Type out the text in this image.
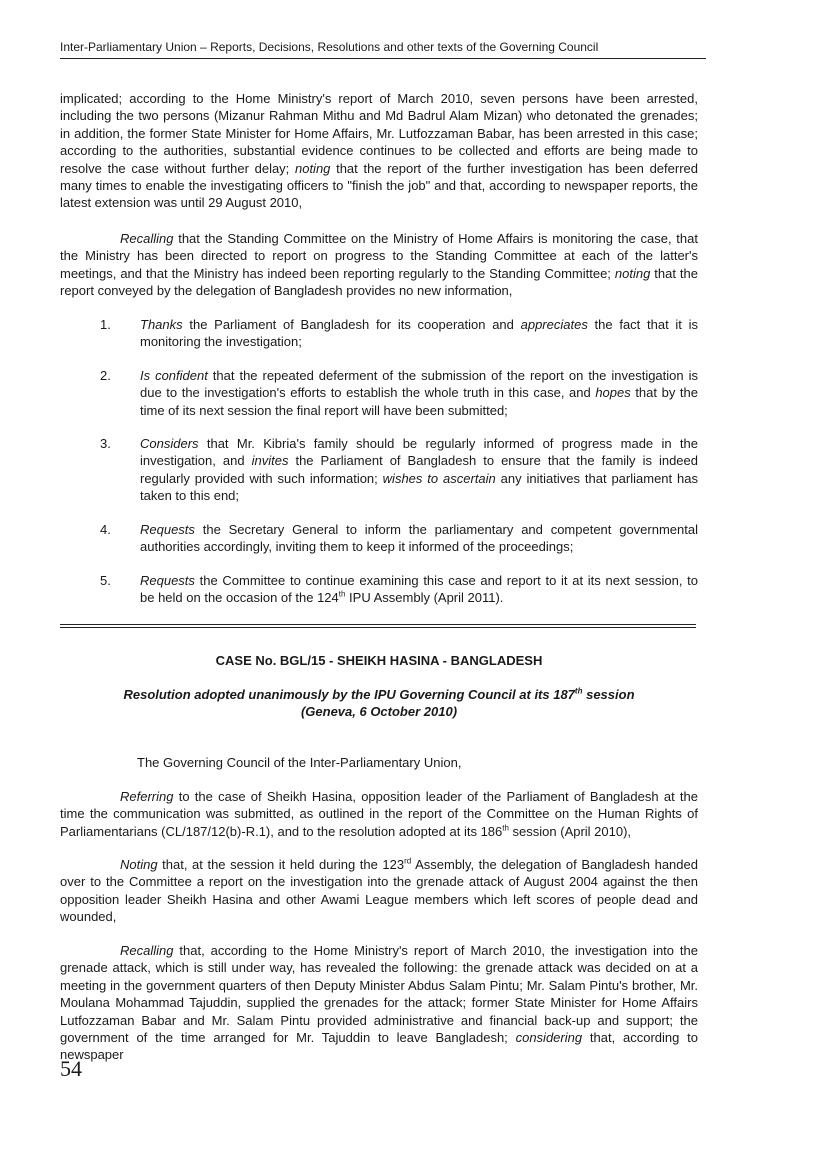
Inter-Parliamentary Union – Reports, Decisions, Resolutions and other texts of the Governing Council
implicated; according to the Home Ministry's report of March 2010, seven persons have been arrested, including the two persons (Mizanur Rahman Mithu and Md Badrul Alam Mizan) who detonated the grenades; in addition, the former State Minister for Home Affairs, Mr. Lutfozzaman Babar, has been arrested in this case; according to the authorities, substantial evidence continues to be collected and efforts are being made to resolve the case without further delay; noting that the report of the further investigation has been deferred many times to enable the investigating officers to "finish the job" and that, according to newspaper reports, the latest extension was until 29 August 2010,
Recalling that the Standing Committee on the Ministry of Home Affairs is monitoring the case, that the Ministry has been directed to report on progress to the Standing Committee at each of the latter's meetings, and that the Ministry has indeed been reporting regularly to the Standing Committee; noting that the report conveyed by the delegation of Bangladesh provides no new information,
1.	Thanks the Parliament of Bangladesh for its cooperation and appreciates the fact that it is monitoring the investigation;
2.	Is confident that the repeated deferment of the submission of the report on the investigation is due to the investigation's efforts to establish the whole truth in this case, and hopes that by the time of its next session the final report will have been submitted;
3.	Considers that Mr. Kibria's family should be regularly informed of progress made in the investigation, and invites the Parliament of Bangladesh to ensure that the family is indeed regularly provided with such information; wishes to ascertain any initiatives that parliament has taken to this end;
4.	Requests the Secretary General to inform the parliamentary and competent governmental authorities accordingly, inviting them to keep it informed of the proceedings;
5.	Requests the Committee to continue examining this case and report to it at its next session, to be held on the occasion of the 124th IPU Assembly (April 2011).
CASE No. BGL/15 - SHEIKH HASINA - BANGLADESH
Resolution adopted unanimously by the IPU Governing Council at its 187th session
(Geneva, 6 October 2010)
The Governing Council of the Inter-Parliamentary Union,
Referring to the case of Sheikh Hasina, opposition leader of the Parliament of Bangladesh at the time the communication was submitted, as outlined in the report of the Committee on the Human Rights of Parliamentarians (CL/187/12(b)-R.1), and to the resolution adopted at its 186th session (April 2010),
Noting that, at the session it held during the 123rd Assembly, the delegation of Bangladesh handed over to the Committee a report on the investigation into the grenade attack of August 2004 against the then opposition leader Sheikh Hasina and other Awami League members which left scores of people dead and wounded,
Recalling that, according to the Home Ministry's report of March 2010, the investigation into the grenade attack, which is still under way, has revealed the following: the grenade attack was decided on at a meeting in the government quarters of then Deputy Minister Abdus Salam Pintu; Mr. Salam Pintu's brother, Mr. Moulana Mohammad Tajuddin, supplied the grenades for the attack; former State Minister for Home Affairs Lutfozzaman Babar and Mr. Salam Pintu provided administrative and financial back-up and support; the government of the time arranged for Mr. Tajuddin to leave Bangladesh; considering that, according to newspaper
54
